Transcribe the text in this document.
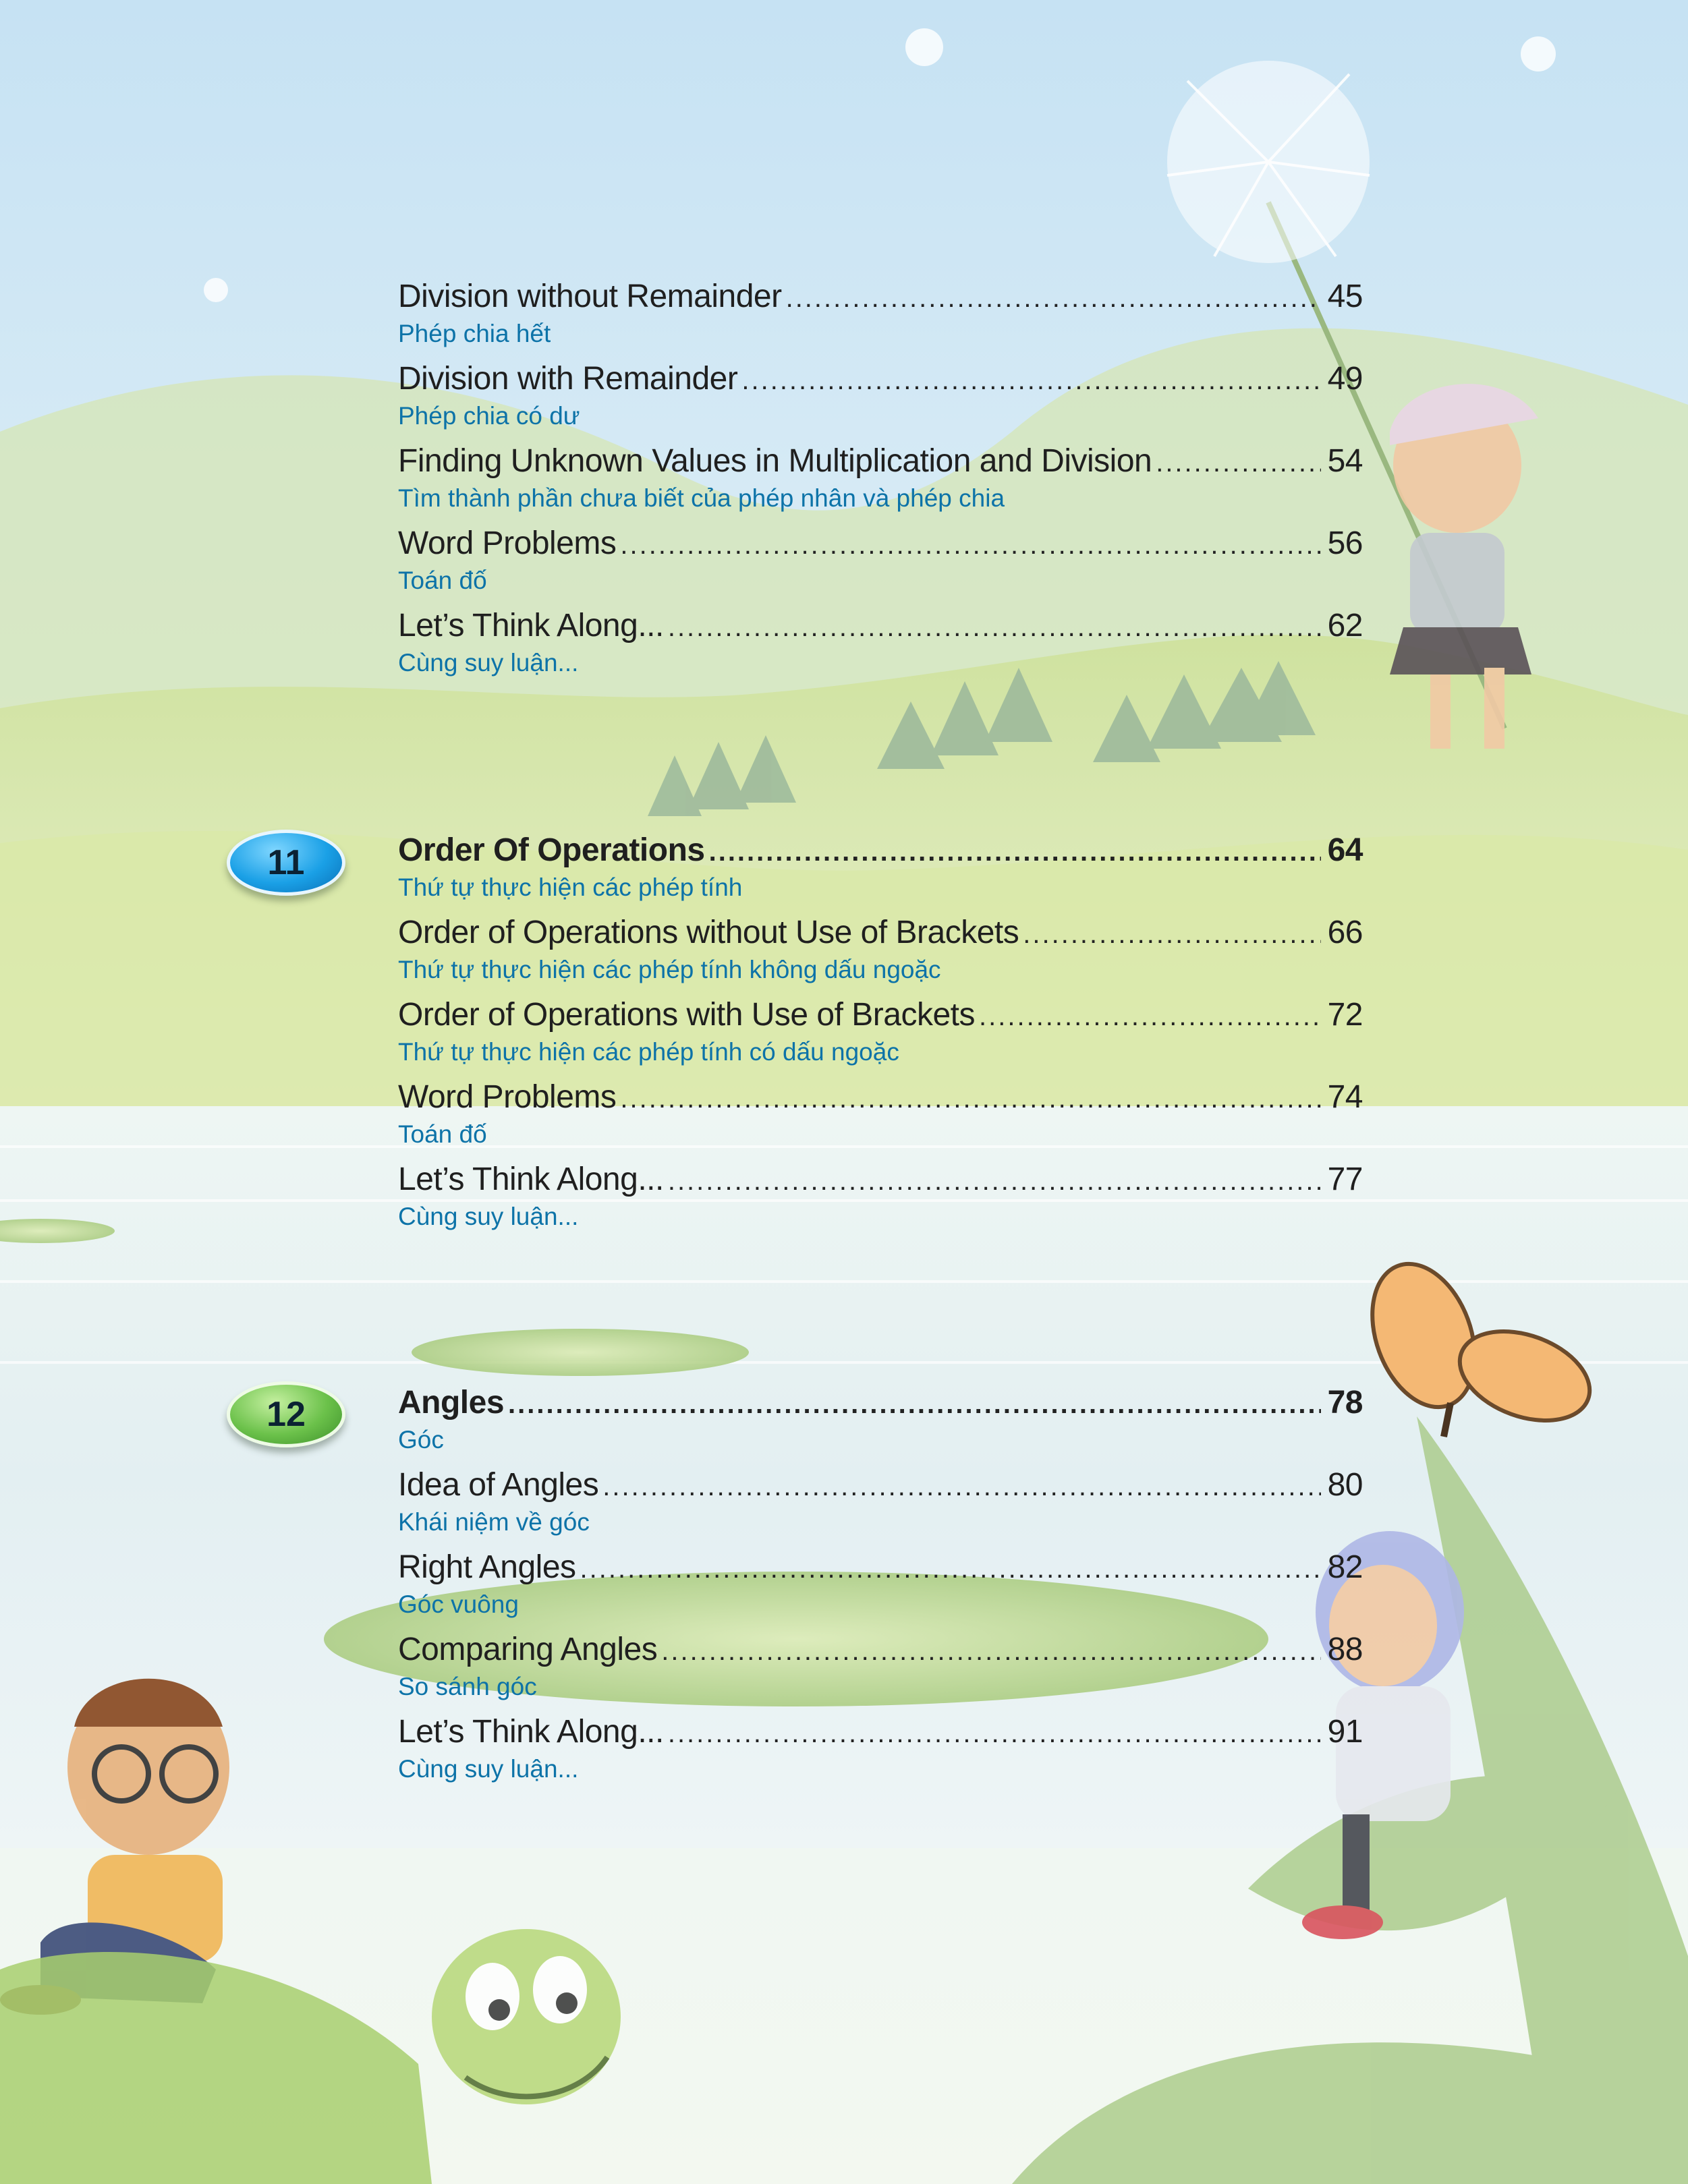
11
12
Division without Remainder .....	45
Phép chia hết
Division with Remainder .....	49
Phép chia có dư
Finding Unknown Values in Multiplication and Division .....	54
Tìm thành phần chưa biết của phép nhân và phép chia
Word Problems .....	56
Toán đố
Let’s Think Along... .....	62
Cùng suy luận...
Order Of Operations .....	64
Thứ tự thực hiện các phép tính
Order of Operations without Use of Brackets .....	66
Thứ tự thực hiện các phép tính không dấu ngoặc
Order of Operations with Use of Brackets .....	72
Thứ tự thực hiện các phép tính có dấu ngoặc
Word Problems .....	74
Toán đố
Let’s Think Along... .....	77
Cùng suy luận...
Angles .....	78
Góc
Idea of Angles .....	80
Khái niệm về góc
Right Angles .....	82
Góc vuông
Comparing Angles .....	88
So sánh góc
Let’s Think Along... .....	91
Cùng suy luận...
